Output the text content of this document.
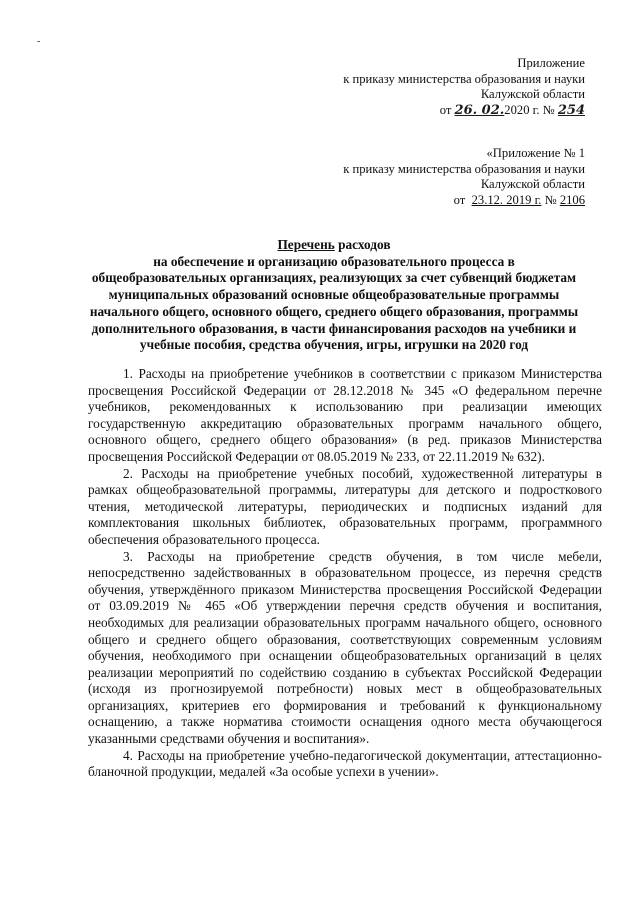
-
Приложение
к приказу министерства образования и науки
Калужской области
от 26. 02.2020 г. № 254
«Приложение № 1
к приказу министерства образования и науки
Калужской области
от 23.12. 2019 г. № 2106
Перечень расходов
на обеспечение и организацию образовательного процесса в
общеобразовательных организациях, реализующих за счет субвенций бюджетам
муниципальных образований основные общеобразовательные программы
начального общего, основного общего, среднего общего образования, программы
дополнительного образования, в части финансирования расходов на учебники и
учебные пособия, средства обучения, игры, игрушки на 2020 год

1. Расходы на приобретение учебников в соответствии с приказом Министерства просвещения Российской Федерации от 28.12.2018 № 345 «О федеральном перечне учебников, рекомендованных к использованию при реализации имеющих государственную аккредитацию образовательных программ начального общего, основного общего, среднего общего образования» (в ред. приказов Министерства просвещения Российской Федерации от 08.05.2019 № 233, от 22.11.2019 № 632).

2. Расходы на приобретение учебных пособий, художественной литературы в рамках общеобразовательной программы, литературы для детского и подросткового чтения, методической литературы, периодических и подписных изданий для комплектования школьных библиотек, образовательных программ, программного обеспечения образовательного процесса.

3. Расходы на приобретение средств обучения, в том числе мебели, непосредственно задействованных в образовательном процессе, из перечня средств обучения, утверждённого приказом Министерства просвещения Российской Федерации от 03.09.2019 № 465 «Об утверждении перечня средств обучения и воспитания, необходимых для реализации образовательных программ начального общего, основного общего и среднего общего образования, соответствующих современным условиям обучения, необходимого при оснащении общеобразовательных организаций в целях реализации мероприятий по содействию созданию в субъектах Российской Федерации (исходя из прогнозируемой потребности) новых мест в общеобразовательных организациях, критериев его формирования и требований к функциональному оснащению, а также норматива стоимости оснащения одного места обучающегося указанными средствами обучения и воспитания».

4. Расходы на приобретение учебно-педагогической документации, аттестационно-бланочной продукции, медалей «За особые успехи в учении».
